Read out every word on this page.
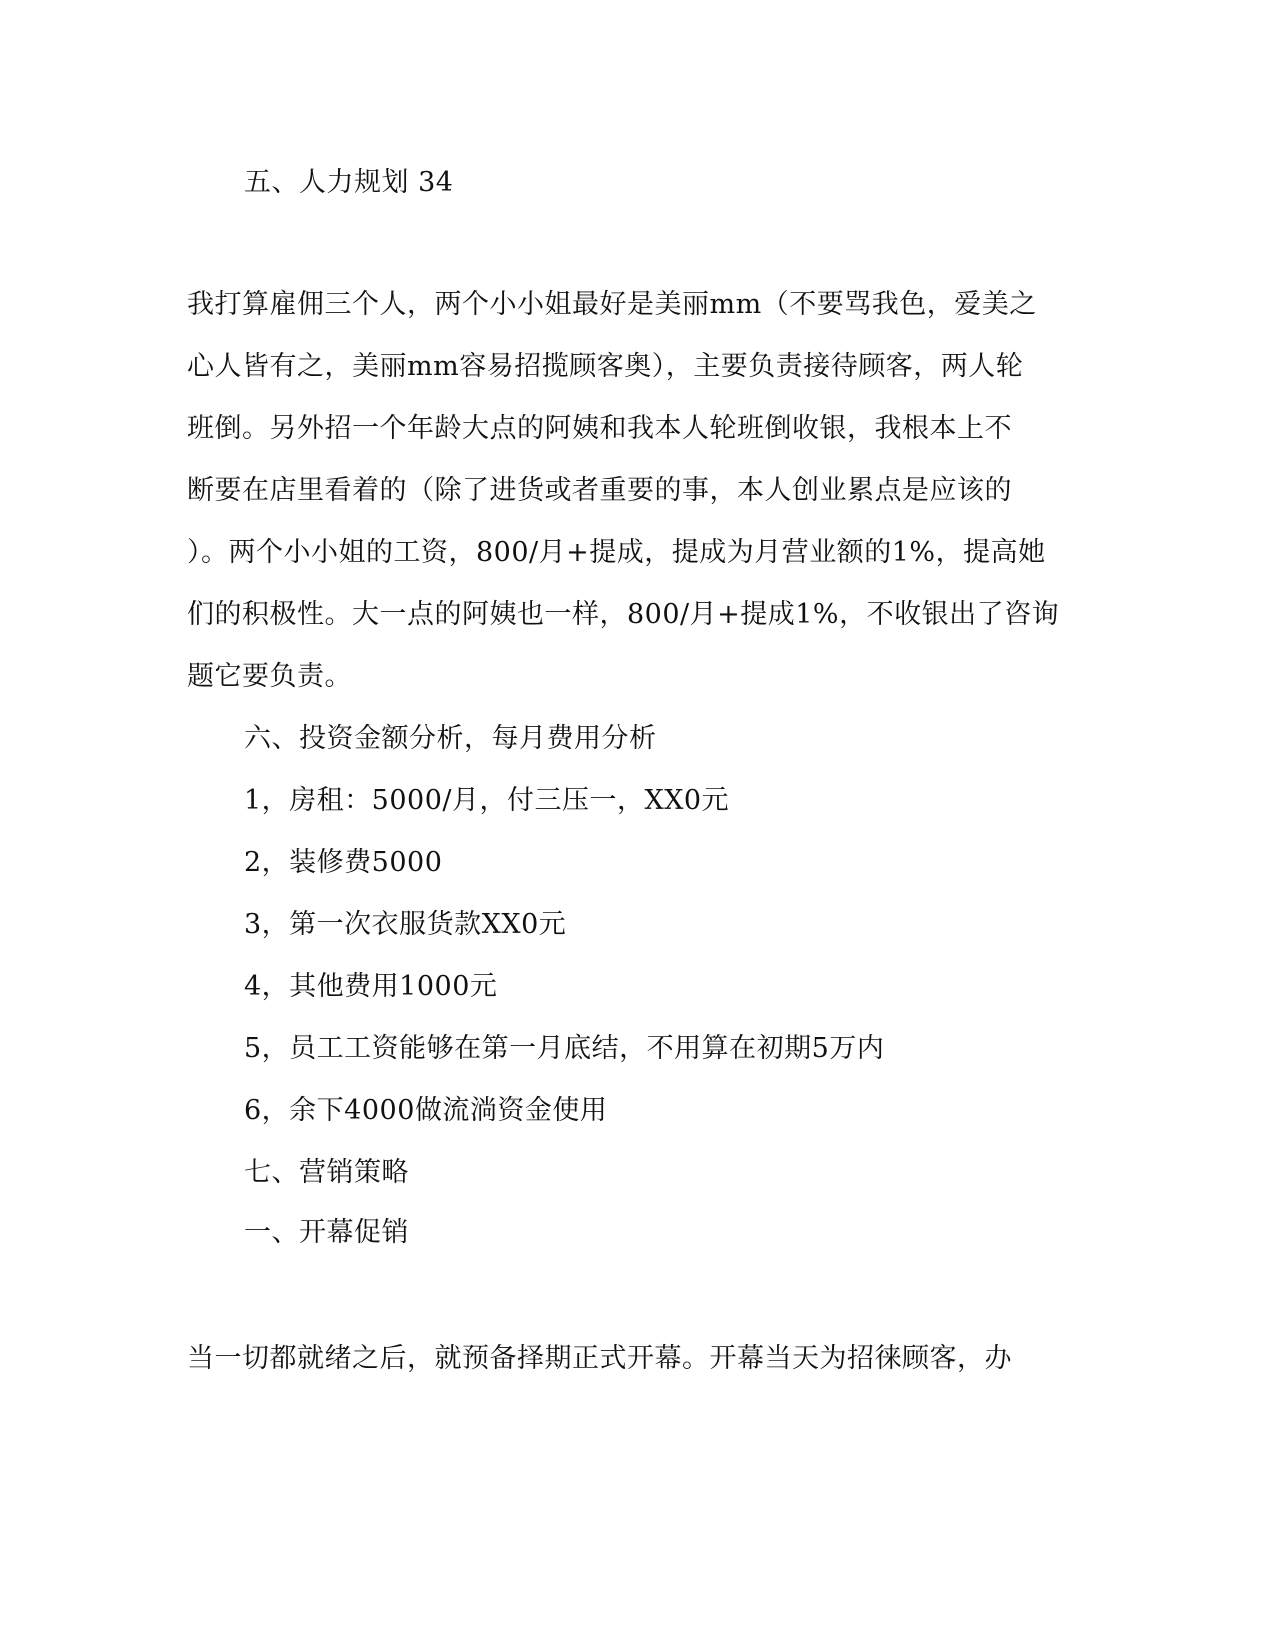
五、人力规划 34
我打算雇佣三个人，两个小小姐最好是美丽mm（不要骂我色，爱美之
心人皆有之，美丽mm容易招揽顾客奥），主要负责接待顾客，两人轮
班倒。另外招一个年龄大点的阿姨和我本人轮班倒收银，我根本上不
断要在店里看着的（除了进货或者重要的事，本人创业累点是应该的
）。两个小小姐的工资，800/月+提成，提成为月营业额的1%，提高她
们的积极性。大一点的阿姨也一样，800/月+提成1%，不收银出了咨询
题它要负责。
六、投资金额分析，每月费用分析
1，房租：5000/月，付三压一，XX0元
2，装修费5000
3，第一次衣服货款XX0元
4，其他费用1000元
5，员工工资能够在第一月底结，不用算在初期5万内
6，余下4000做流淌资金使用
七、营销策略
一、开幕促销
当一切都就绪之后，就预备择期正式开幕。开幕当天为招徕顾客，办
